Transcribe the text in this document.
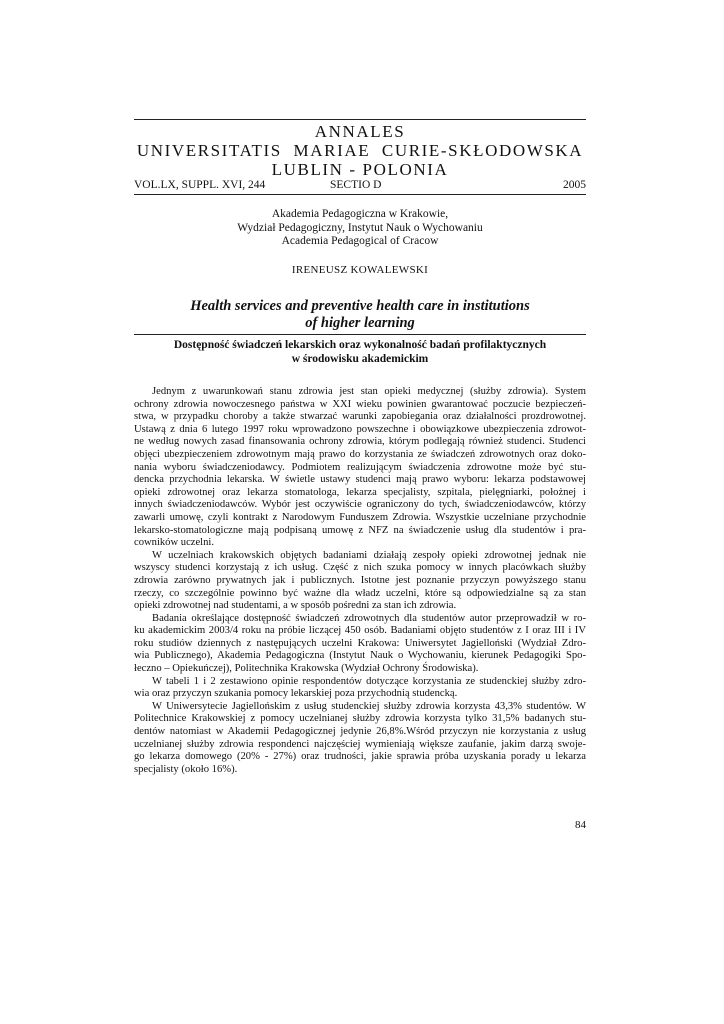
ANNALES
UNIVERSITATIS  MARIAE  CURIE-SKŁODOWSKA
LUBLIN - POLONIA
VOL.LX, SUPPL. XVI, 244	SECTIO D	2005
Akademia Pedagogiczna w Krakowie,
Wydział Pedagogiczny, Instytut Nauk o Wychowaniu
Academia Pedagogical of Cracow
IRENEUSZ KOWALEWSKI
Health services and preventive health care in institutions
of higher learning
Dostępność świadczeń lekarskich oraz wykonalność badań profilaktycznych
w środowisku akademickim

Jednym z uwarunkowań stanu zdrowia jest stan opieki medycznej (służby zdrowia). System
ochrony zdrowia nowoczesnego państwa w XXI wieku powinien gwarantować poczucie bezpieczeń-
stwa, w przypadku choroby a także stwarzać warunki zapobiegania oraz działalności prozdrowotnej.
Ustawą z dnia 6 lutego 1997 roku wprowadzono powszechne i obowiązkowe ubezpieczenia zdrowot-
ne według nowych zasad finansowania ochrony zdrowia, którym podlegają również studenci. Studenci
objęci ubezpieczeniem zdrowotnym mają prawo do korzystania ze świadczeń zdrowotnych oraz doko-
nania wyboru świadczeniodawcy. Podmiotem realizującym świadczenia zdrowotne może być stu-
dencka przychodnia lekarska. W świetle ustawy studenci mają prawo wyboru: lekarza podstawowej
opieki zdrowotnej oraz lekarza stomatologa, lekarza specjalisty, szpitala, pielęgniarki, położnej i
innych świadczeniodawców. Wybór jest oczywiście ograniczony do tych, świadczeniodawców, którzy
zawarli umowę, czyli kontrakt z Narodowym Funduszem Zdrowia. Wszystkie uczelniane przychodnie
lekarsko-stomatologiczne mają podpisaną umowę z NFZ na świadczenie usług dla studentów i pra-
cowników uczelni.

W uczelniach krakowskich objętych badaniami działają zespoły opieki zdrowotnej jednak nie
wszyscy studenci korzystają z ich usług. Część z nich szuka pomocy w innych placówkach służby
zdrowia zarówno prywatnych jak i publicznych. Istotne jest poznanie przyczyn powyższego stanu
rzeczy, co szczególnie powinno być ważne dla władz uczelni, które są odpowiedzialne są za stan
opieki zdrowotnej nad studentami, a w sposób pośredni za stan ich zdrowia.

Badania określające dostępność świadczeń zdrowotnych dla studentów autor przeprowadził w ro-
ku akademickim 2003/4 roku na próbie liczącej 450 osób. Badaniami objęto studentów z I oraz III i IV
roku studiów dziennych z następujących uczelni Krakowa: Uniwersytet Jagielloński (Wydział Zdro-
wia Publicznego), Akademia Pedagogiczna (Instytut Nauk o Wychowaniu, kierunek Pedagogiki Spo-
łeczno – Opiekuńczej), Politechnika Krakowska (Wydział Ochrony Środowiska).

W tabeli 1 i 2 zestawiono opinie respondentów dotyczące korzystania ze studenckiej służby zdro-
wia oraz przyczyn szukania pomocy lekarskiej poza przychodnią studencką.

W Uniwersytecie Jagiellońskim z usług studenckiej służby zdrowia korzysta 43,3% studentów. W
Politechnice Krakowskiej z pomocy uczelnianej służby zdrowia korzysta tylko 31,5% badanych stu-
dentów natomiast w Akademii Pedagogicznej jedynie 26,8%.Wśród przyczyn nie korzystania z usług
uczelnianej służby zdrowia respondenci najczęściej wymieniają większe zaufanie, jakim darzą swoje-
go lekarza domowego (20% - 27%) oraz trudności, jakie sprawia próba uzyskania porady u lekarza
specjalisty (około 16%).

84
